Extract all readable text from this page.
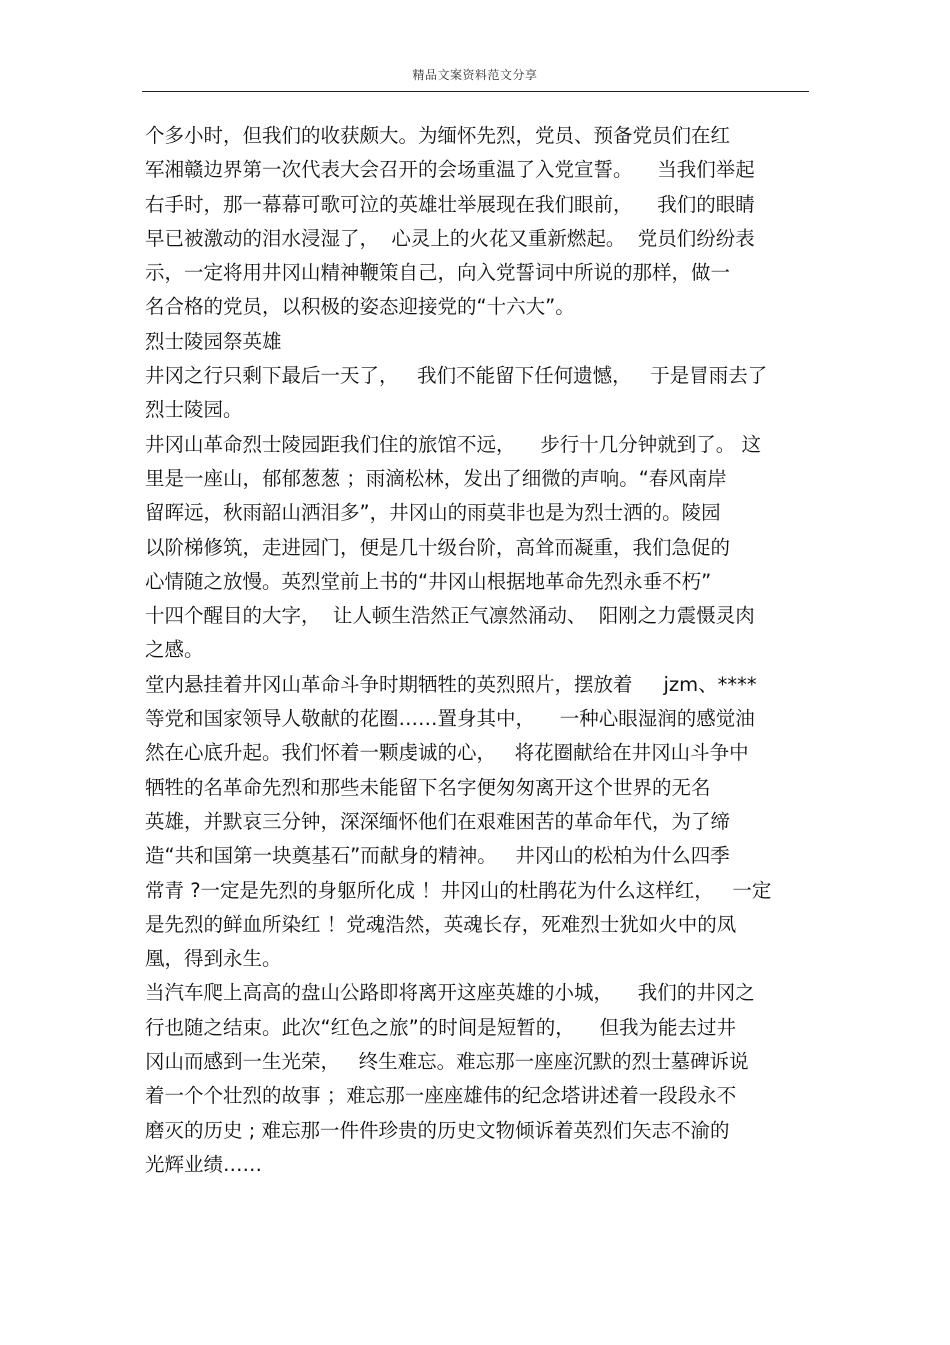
精品文案资料范文分享
个多小时，但我们的收获颇大。为缅怀先烈，党员、预备党员们在红
军湘赣边界第一次代表大会召开的会场重温了入党宣誓。    当我们举起
右手时，那一幕幕可歌可泣的英雄壮举展现在我们眼前，    我们的眼睛
早已被激动的泪水浸湿了，  心灵上的火花又重新燃起。  党员们纷纷表
示，一定将用井冈山精神鞭策自己，向入党誓词中所说的那样，做一
名合格的党员，以积极的姿态迎接党的“十六大”。
烈士陵园祭英雄
井冈之行只剩下最后一天了，   我们不能留下任何遗憾，   于是冒雨去了
烈士陵园。
井冈山革命烈士陵园距我们住的旅馆不远，    步行十几分钟就到了。 这
里是一座山，郁郁葱葱 ；雨滴松林，发出了细微的声响。“春风南岸
留晖远，秋雨韶山洒泪多”，井冈山的雨莫非也是为烈士洒的。陵园
以阶梯修筑，走进园门，便是几十级台阶，高耸而凝重，我们急促的
心情随之放慢。英烈堂前上书的“井冈山根据地革命先烈永垂不朽”
十四个醒目的大字，  让人顿生浩然正气凛然涌动、  阳刚之力震慑灵肉
之感。
堂内悬挂着井冈山革命斗争时期牺牲的英烈照片，摆放着     jzm、****
等党和国家领导人敬献的花圈……置身其中，    一种心眼湿润的感觉油
然在心底升起。我们怀着一颗虔诚的心，   将花圈献给在井冈山斗争中
牺牲的名革命先烈和那些未能留下名字便匆匆离开这个世界的无名
英雄，并默哀三分钟，深深缅怀他们在艰难困苦的革命年代，为了缔
造“共和国第一块奠基石”而献身的精神。   井冈山的松柏为什么四季
常青 ?一定是先烈的身躯所化成 ！井冈山的杜鹃花为什么这样红，   一定
是先烈的鲜血所染红 ！党魂浩然，英魂长存，死难烈士犹如火中的凤
凰，得到永生。
当汽车爬上高高的盘山公路即将离开这座英雄的小城，    我们的井冈之
行也随之结束。此次“红色之旅”的时间是短暂的，    但我为能去过井
冈山而感到一生光荣，   终生难忘。难忘那一座座沉默的烈士墓碑诉说
着一个个壮烈的故事 ；难忘那一座座雄伟的纪念塔讲述着一段段永不
磨灭的历史 ; 难忘那一件件珍贵的历史文物倾诉着英烈们矢志不渝的
光辉业绩……
